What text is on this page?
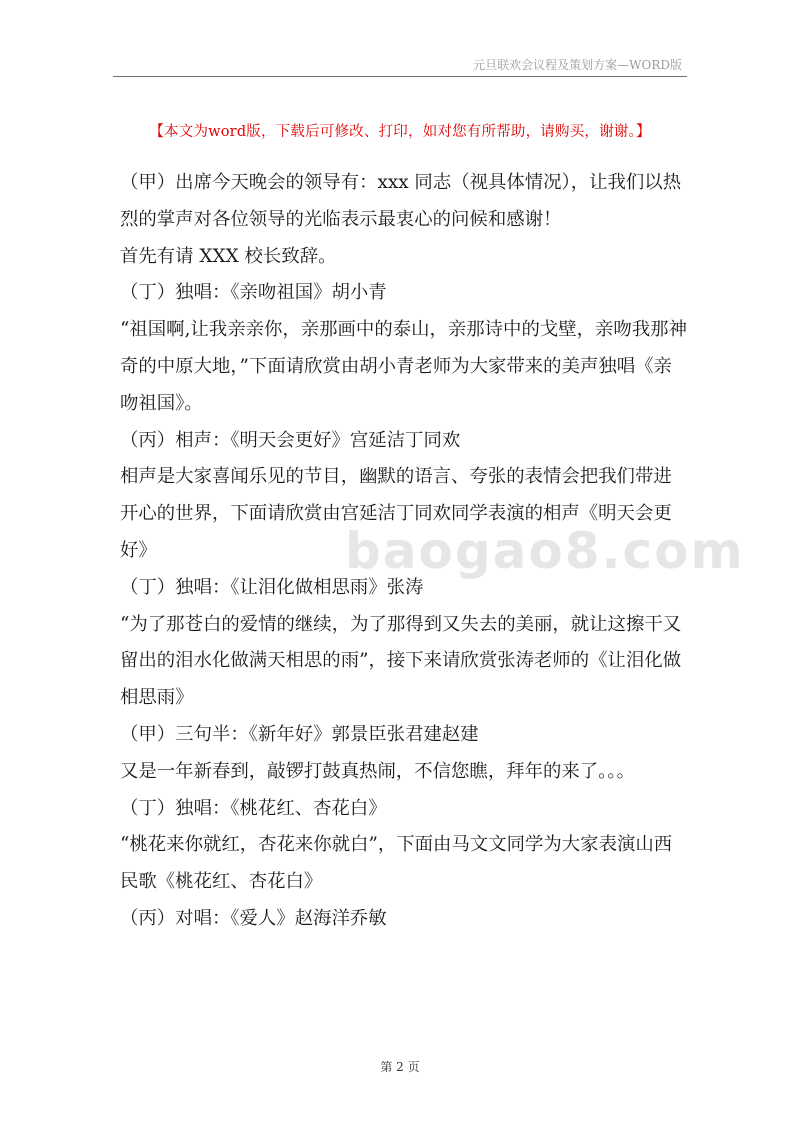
元旦联欢会议程及策划方案—WORD版
【本文为word版，下载后可修改、打印，如对您有所帮助，请购买，谢谢。】
baogao8.com

（甲）出席今天晚会的领导有：xxx 同志（视具体情况），让我们以热烈的掌声对各位领导的光临表示最衷心的问候和感谢！

首先有请 XXX 校长致辞。

（丁）独唱：《亲吻祖国》胡小青

“祖国啊,让我亲亲你，亲那画中的泰山，亲那诗中的戈壁，亲吻我那神奇的中原大地，”下面请欣赏由胡小青老师为大家带来的美声独唱《亲吻祖国》。

（丙）相声：《明天会更好》宫延洁丁同欢

相声是大家喜闻乐见的节目，幽默的语言、夸张的表情会把我们带进开心的世界，下面请欣赏由宫延洁丁同欢同学表演的相声《明天会更好》

（丁）独唱：《让泪化做相思雨》张涛

“为了那苍白的爱情的继续，为了那得到又失去的美丽，就让这擦干又留出的泪水化做满天相思的雨”，接下来请欣赏张涛老师的《让泪化做相思雨》

（甲）三句半：《新年好》郭景臣张君建赵建

又是一年新春到，敲锣打鼓真热闹，不信您瞧，拜年的来了。。。

（丁）独唱：《桃花红、杏花白》

“桃花来你就红，杏花来你就白”，下面由马文文同学为大家表演山西民歌《桃花红、杏花白》

（丙）对唱：《爱人》赵海洋乔敏

第 2 页
